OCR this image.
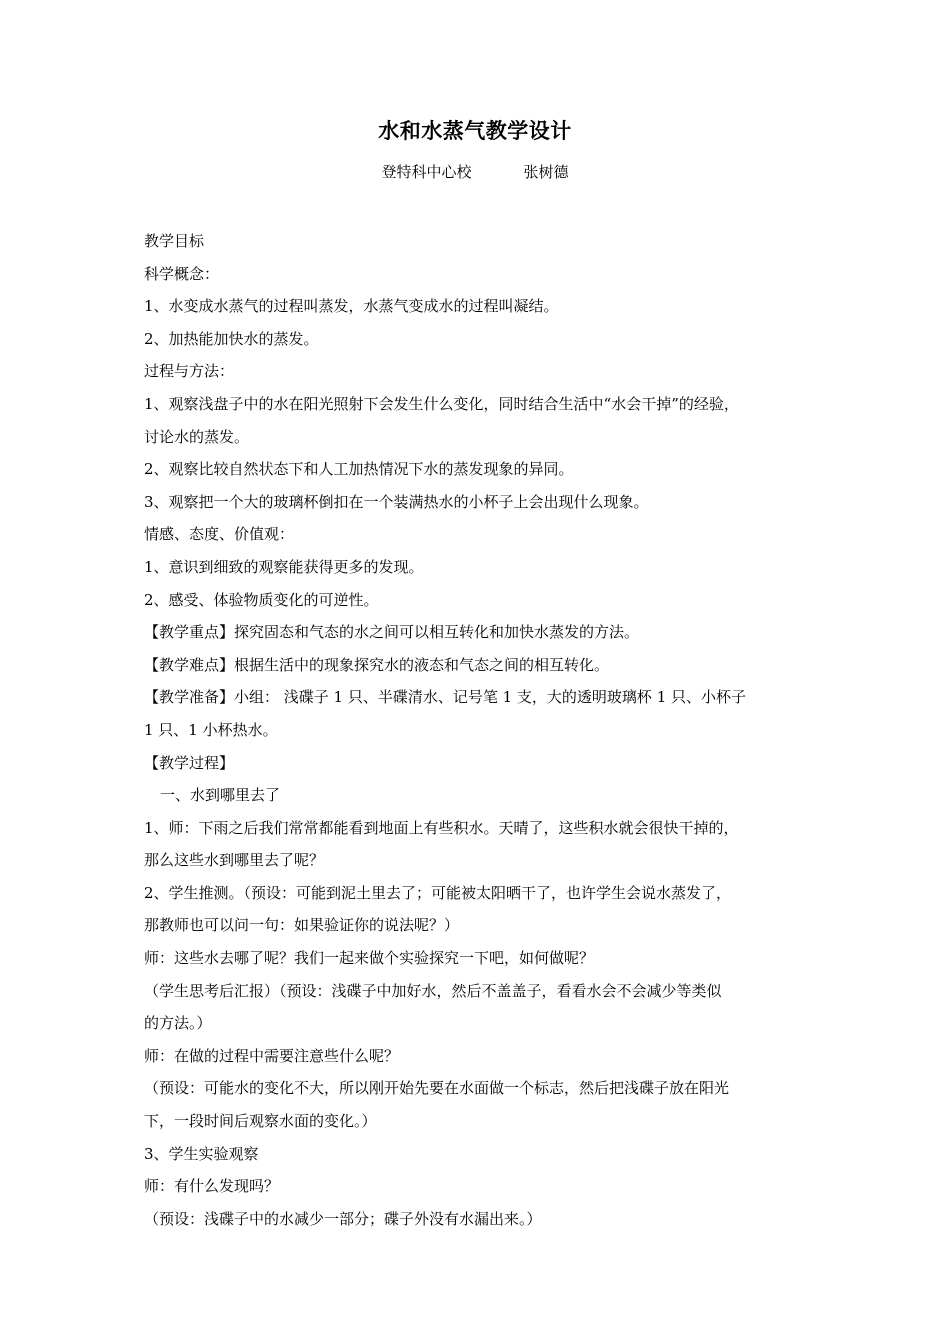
水和水蒸气教学设计
登特科中心校	张树德

教学目标

科学概念：

1、水变成水蒸气的过程叫蒸发，水蒸气变成水的过程叫凝结。

2、加热能加快水的蒸发。

过程与方法：

1、观察浅盘子中的水在阳光照射下会发生什么变化，同时结合生活中“水会干掉”的经验，

讨论水的蒸发。

2、观察比较自然状态下和人工加热情况下水的蒸发现象的异同。

3、观察把一个大的玻璃杯倒扣在一个装满热水的小杯子上会出现什么现象。

情感、态度、价值观：

1、意识到细致的观察能获得更多的发现。

2、感受、体验物质变化的可逆性。

【教学重点】探究固态和气态的水之间可以相互转化和加快水蒸发的方法。

【教学难点】根据生活中的现象探究水的液态和气态之间的相互转化。

【教学准备】小组： 浅碟子 1 只、半碟清水、记号笔 1 支，大的透明玻璃杯 1 只、小杯子

1 只、1 小杯热水。

【教学过程】

一、水到哪里去了

1、师：下雨之后我们常常都能看到地面上有些积水。天晴了，这些积水就会很快干掉的，

那么这些水到哪里去了呢？

2、学生推测。（预设：可能到泥土里去了；可能被太阳晒干了，也许学生会说水蒸发了，

那教师也可以问一句：如果验证你的说法呢？）

师：这些水去哪了呢？我们一起来做个实验探究一下吧，如何做呢？

（学生思考后汇报）（预设：浅碟子中加好水，然后不盖盖子，看看水会不会减少等类似

的方法。）

师：在做的过程中需要注意些什么呢？

（预设：可能水的变化不大，所以刚开始先要在水面做一个标志，然后把浅碟子放在阳光

下，一段时间后观察水面的变化。）

3、学生实验观察

师：有什么发现吗？

（预设：浅碟子中的水减少一部分；碟子外没有水漏出来。）
